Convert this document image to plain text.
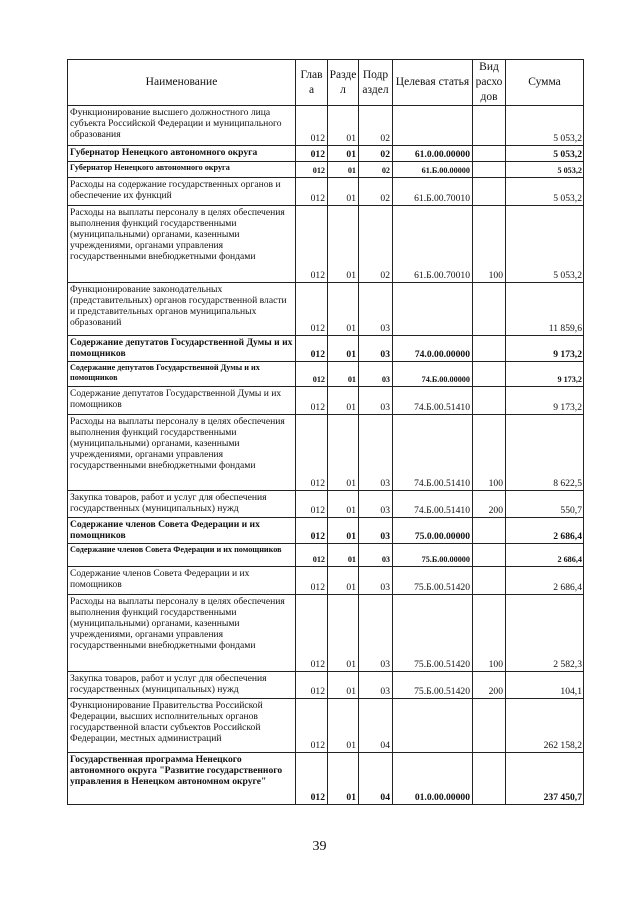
Наименование	Глав а	Разде л	Подр аздел	Целевая статья	Вид расхо дов	Сумма
Функционирование высшего должностного лица субъекта Российской Федерации и муниципального образования	012	01	02			5 053,2
Губернатор Ненецкого автономного округа	012	01	02	61.0.00.00000		5 053,2
Губернатор Ненецкого автономного округа	012	01	02	61.Б.00.00000		5 053,2
Расходы на содержание государственных органов и обеспечение их функций	012	01	02	61.Б.00.70010		5 053,2
Расходы на выплаты персоналу в целях обеспечения выполнения функций государственными (муниципальными) органами, казенными учреждениями, органами управления государственными внебюджетными фондами	012	01	02	61.Б.00.70010	100	5 053,2
Функционирование законодательных (представительных) органов государственной власти и представительных органов муниципальных образований	012	01	03			11 859,6
Содержание депутатов Государственной Думы и их помощников	012	01	03	74.0.00.00000		9 173,2
Содержание депутатов Государственной Думы и их помощников	012	01	03	74.Б.00.00000		9 173,2
Содержание депутатов Государственной Думы и их помощников	012	01	03	74.Б.00.51410		9 173,2
Расходы на выплаты персоналу в целях обеспечения выполнения функций государственными (муниципальными) органами, казенными учреждениями, органами управления государственными внебюджетными фондами	012	01	03	74.Б.00.51410	100	8 622,5
Закупка товаров, работ и услуг для обеспечения государственных (муниципальных) нужд	012	01	03	74.Б.00.51410	200	550,7
Содержание членов Совета Федерации и их помощников	012	01	03	75.0.00.00000		2 686,4
Содержание членов Совета Федерации и их помощников	012	01	03	75.Б.00.00000		2 686,4
Содержание членов Совета Федерации и их помощников	012	01	03	75.Б.00.51420		2 686,4
Расходы на выплаты персоналу в целях обеспечения выполнения функций государственными (муниципальными) органами, казенными учреждениями, органами управления государственными внебюджетными фондами	012	01	03	75.Б.00.51420	100	2 582,3
Закупка товаров, работ и услуг для обеспечения государственных (муниципальных) нужд	012	01	03	75.Б.00.51420	200	104,1
Функционирование Правительства Российской Федерации, высших исполнительных органов государственной власти субъектов Российской Федерации, местных администраций	012	01	04			262 158,2
Государственная программа Ненецкого автономного округа "Развитие государственного управления в Ненецком автономном округе"	012	01	04	01.0.00.00000		237 450,7
39
